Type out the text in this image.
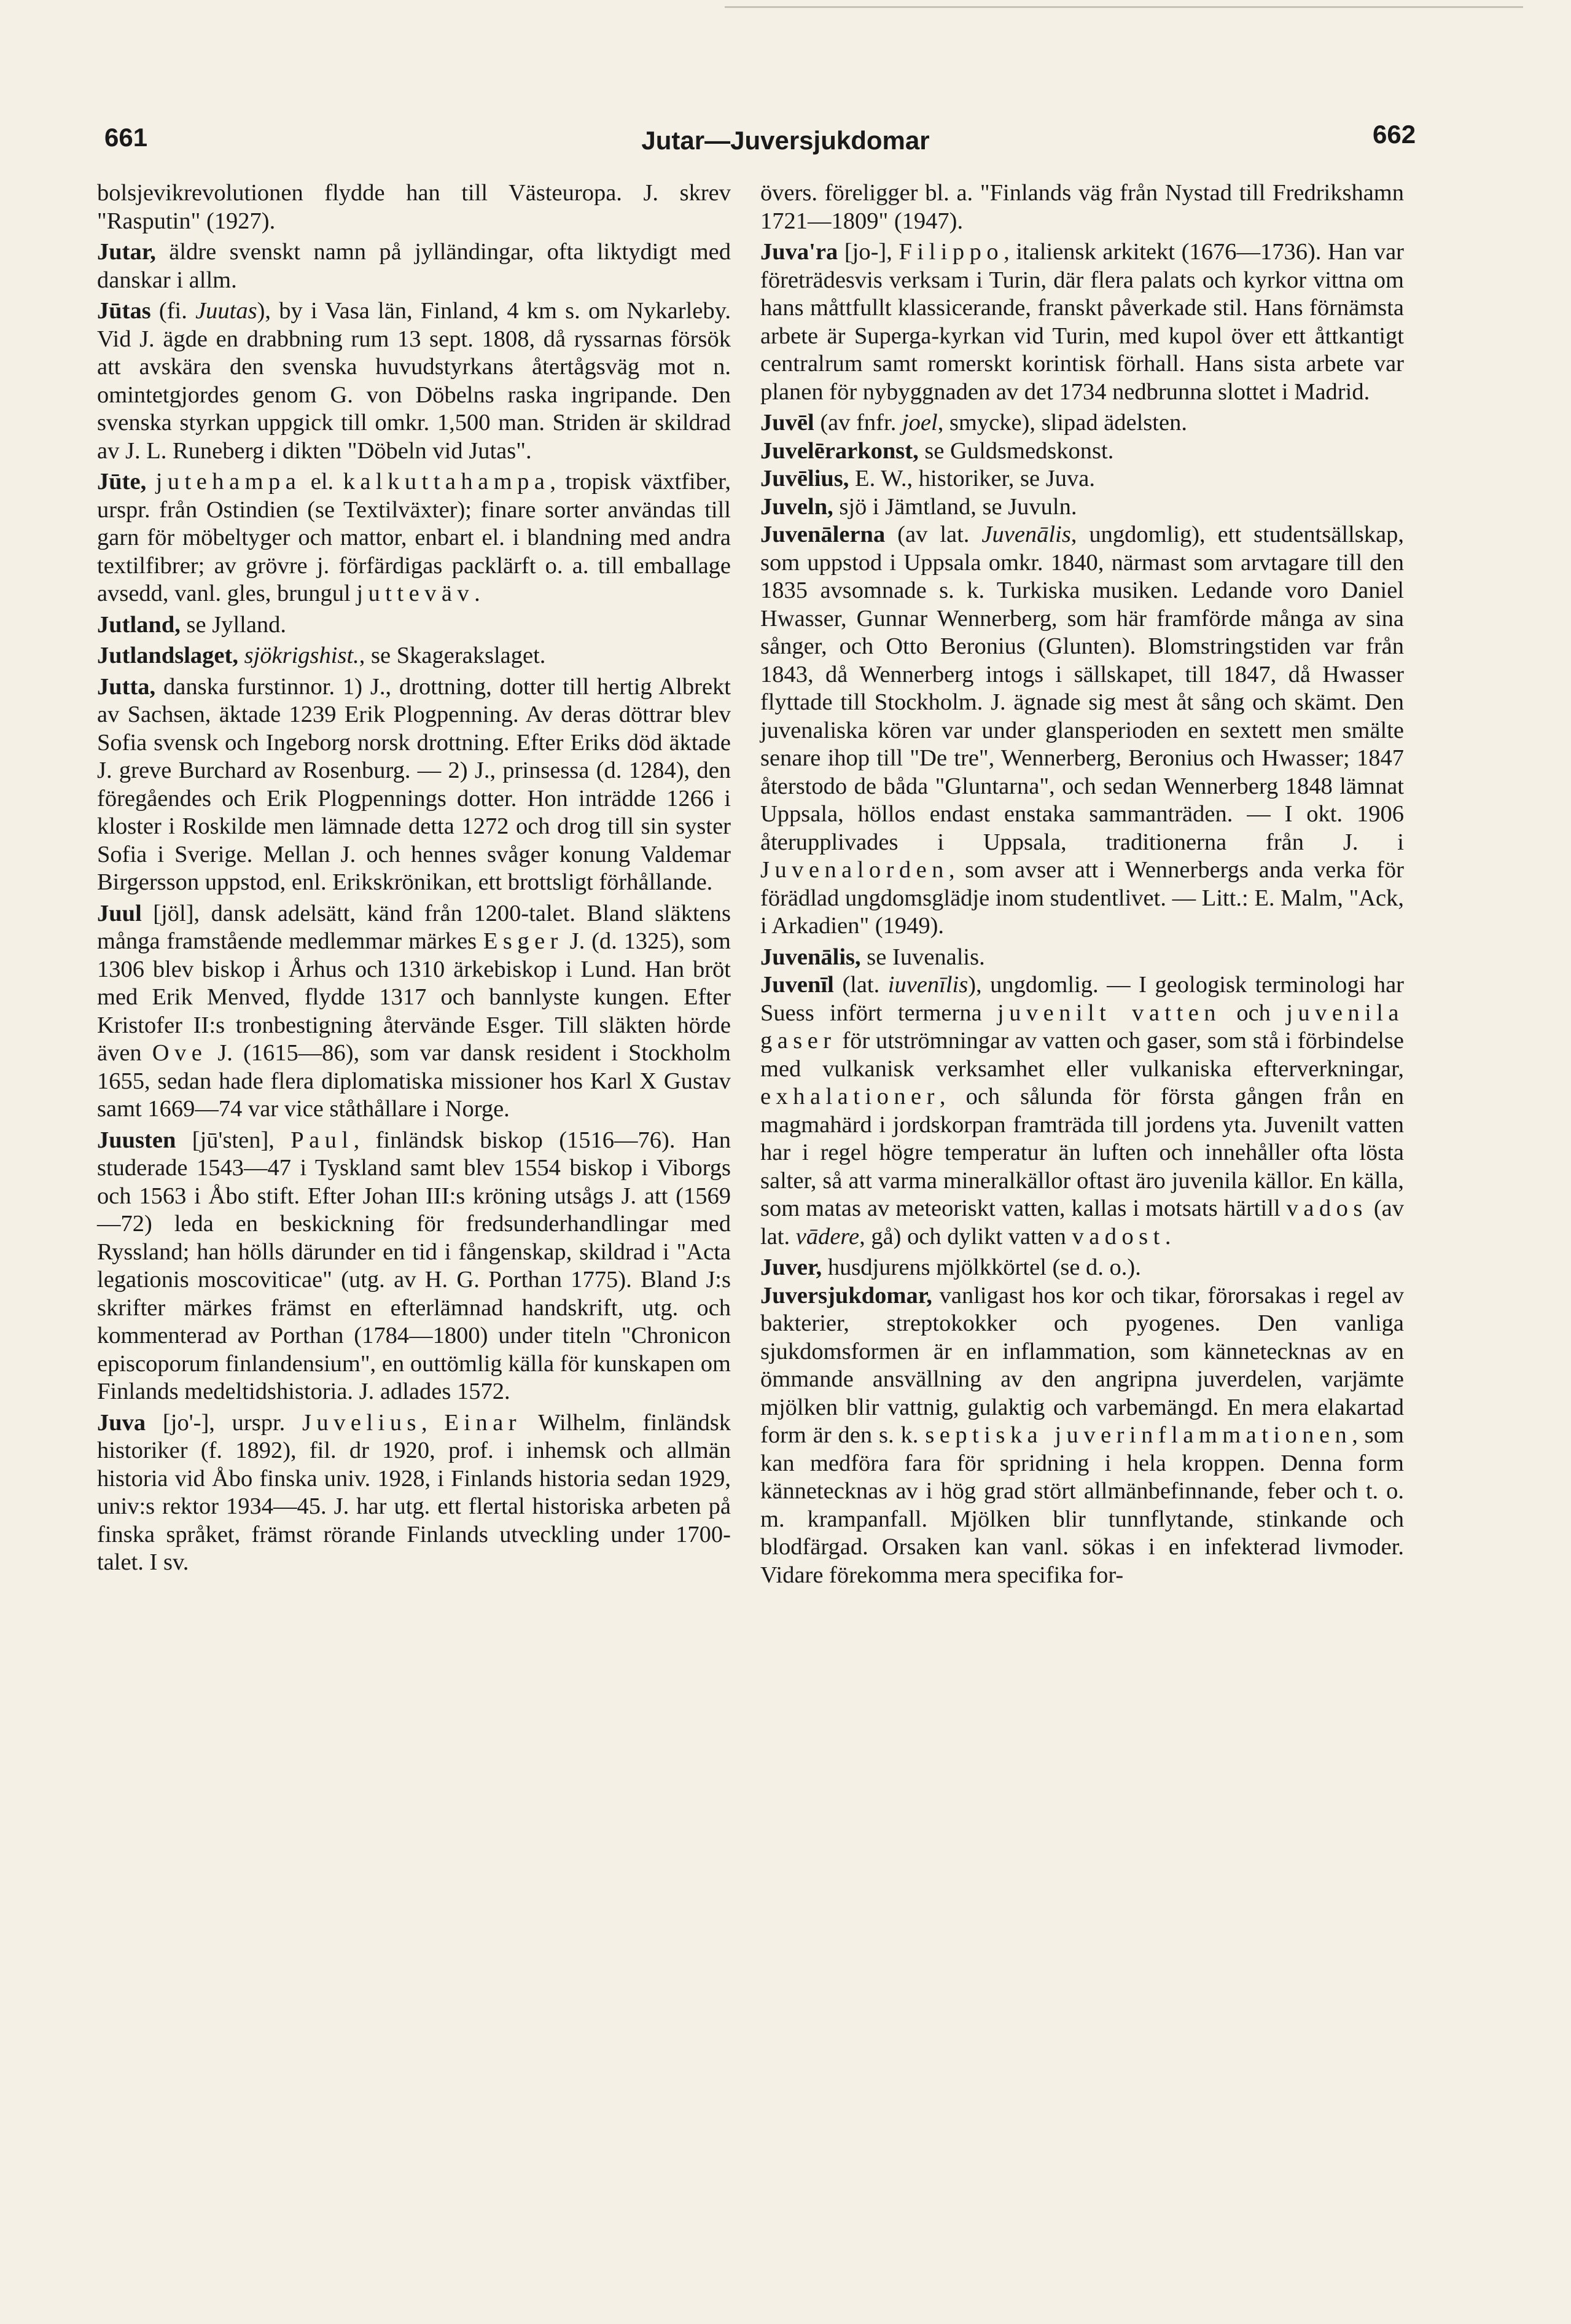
661	Jutar—Juversjukdomar	662

bolsjevikrevolutionen flydde han till Västeuropa. J. skrev "Rasputin" (1927).

Jutar, äldre svenskt namn på jylländingar, ofta liktydigt med danskar i allm.

Jūtas (fi. Juutas), by i Vasa län, Finland, 4 km s. om Nykarleby. Vid J. ägde en drabbning rum 13 sept. 1808, då ryssarnas försök att avskära den svenska huvudstyrkans återtågsväg mot n. omintetgjordes genom G. von Döbelns raska ingripande. Den svenska styrkan uppgick till omkr. 1,500 man. Striden är skildrad av J. L. Runeberg i dikten "Döbeln vid Jutas".

Jūte, jutehampa el. kalkuttahampa, tropisk växtfiber, urspr. från Ostindien (se Textilväxter); finare sorter användas till garn för möbeltyger och mattor, enbart el. i blandning med andra textilfibrer; av grövre j. förfärdigas packlärft o. a. till emballage avsedd, vanl. gles, brungul jutteväv.

Jutland, se Jylland.

Jutlandslaget, sjökrigshist., se Skagerakslaget.

Jutta, danska furstinnor. 1) J., drottning, dotter till hertig Albrekt av Sachsen, äktade 1239 Erik Plogpenning. Av deras döttrar blev Sofia svensk och Ingeborg norsk drottning. Efter Eriks död äktade J. greve Burchard av Rosenburg. — 2) J., prinsessa (d. 1284), den föregåendes och Erik Plogpennings dotter. Hon inträdde 1266 i kloster i Roskilde men lämnade detta 1272 och drog till sin syster Sofia i Sverige. Mellan J. och hennes svåger konung Valdemar Birgersson uppstod, enl. Erikskrönikan, ett brottsligt förhållande.

Juul [jöl], dansk adelsätt, känd från 1200-talet. Bland släktens många framstående medlemmar märkes Esger J. (d. 1325), som 1306 blev biskop i Århus och 1310 ärkebiskop i Lund. Han bröt med Erik Menved, flydde 1317 och bannlyste kungen. Efter Kristofer II:s tronbestigning återvände Esger. Till släkten hörde även Ove J. (1615—86), som var dansk resident i Stockholm 1655, sedan hade flera diplomatiska missioner hos Karl X Gustav samt 1669—74 var vice ståthållare i Norge.

Juusten [jū'sten], Paul, finländsk biskop (1516—76). Han studerade 1543—47 i Tyskland samt blev 1554 biskop i Viborgs och 1563 i Åbo stift. Efter Johan III:s kröning utsågs J. att (1569—72) leda en beskickning för fredsunderhandlingar med Ryssland; han hölls därunder en tid i fångenskap, skildrad i "Acta legationis moscoviticae" (utg. av H. G. Porthan 1775). Bland J:s skrifter märkes främst en efterlämnad handskrift, utg. och kommenterad av Porthan (1784—1800) under titeln "Chronicon episcoporum finlandensium", en outtömlig källa för kunskapen om Finlands medeltidshistoria. J. adlades 1572.

Juva [jo'-], urspr. Juvelius, Einar Wilhelm, finländsk historiker (f. 1892), fil. dr 1920, prof. i inhemsk och allmän historia vid Åbo finska univ. 1928, i Finlands historia sedan 1929, univ:s rektor 1934—45. J. har utg. ett flertal historiska arbeten på finska språket, främst rörande Finlands utveckling under 1700-talet. I sv.

övers. föreligger bl. a. "Finlands väg från Nystad till Fredrikshamn 1721—1809" (1947).

Juva'ra [jo-], Filippo, italiensk arkitekt (1676—1736). Han var företrädesvis verksam i Turin, där flera palats och kyrkor vittna om hans måttfullt klassicerande, franskt påverkade stil. Hans förnämsta arbete är Superga-kyrkan vid Turin, med kupol över ett åttkantigt centralrum samt romerskt korintisk förhall. Hans sista arbete var planen för nybyggnaden av det 1734 nedbrunna slottet i Madrid.

Juvēl (av fnfr. joel, smycke), slipad ädelsten.

Juvelērarkonst, se Guldsmedskonst.

Juvēlius, E. W., historiker, se Juva.

Juveln, sjö i Jämtland, se Juvuln.

Juvenālerna (av lat. Juvenālis, ungdomlig), ett studentsällskap, som uppstod i Uppsala omkr. 1840, närmast som arvtagare till den 1835 avsomnade s. k. Turkiska musiken. Ledande voro Daniel Hwasser, Gunnar Wennerberg, som här framförde många av sina sånger, och Otto Beronius (Glunten). Blomstringstiden var från 1843, då Wennerberg intogs i sällskapet, till 1847, då Hwasser flyttade till Stockholm. J. ägnade sig mest åt sång och skämt. Den juvenaliska kören var under glansperioden en sextett men smälte senare ihop till "De tre", Wennerberg, Beronius och Hwasser; 1847 återstodo de båda "Gluntarna", och sedan Wennerberg 1848 lämnat Uppsala, höllos endast enstaka sammanträden. — I okt. 1906 återupplivades i Uppsala, traditionerna från J. i Juvenalorden, som avser att i Wennerbergs anda verka för förädlad ungdomsglädje inom studentlivet. — Litt.: E. Malm, "Ack, i Arkadien" (1949).

Juvenālis, se Iuvenalis.

Juvenīl (lat. iuvenīlis), ungdomlig. — I geologisk terminologi har Suess infört termerna juvenilt vatten och juvenila gaser för utströmningar av vatten och gaser, som stå i förbindelse med vulkanisk verksamhet eller vulkaniska efterverkningar, exhalationer, och sålunda för första gången från en magmahärd i jordskorpan framträda till jordens yta. Juvenilt vatten har i regel högre temperatur än luften och innehåller ofta lösta salter, så att varma mineralkällor oftast äro juvenila källor. En källa, som matas av meteoriskt vatten, kallas i motsats härtill vados (av lat. vādere, gå) och dylikt vatten vadost.

Juver, husdjurens mjölkkörtel (se d. o.).

Juversjukdomar, vanligast hos kor och tikar, förorsakas i regel av bakterier, streptokokker och pyogenes. Den vanliga sjukdomsformen är en inflammation, som kännetecknas av en ömmande ansvällning av den angripna juverdelen, varjämte mjölken blir vattnig, gulaktig och varbemängd. En mera elakartad form är den s. k. septiska juverinflammationen, som kan medföra fara för spridning i hela kroppen. Denna form kännetecknas av i hög grad stört allmänbefinnande, feber och t. o. m. krampanfall. Mjölken blir tunnflytande, stinkande och blodfärgad. Orsaken kan vanl. sökas i en infekterad livmoder. Vidare förekomma mera specifika for-
